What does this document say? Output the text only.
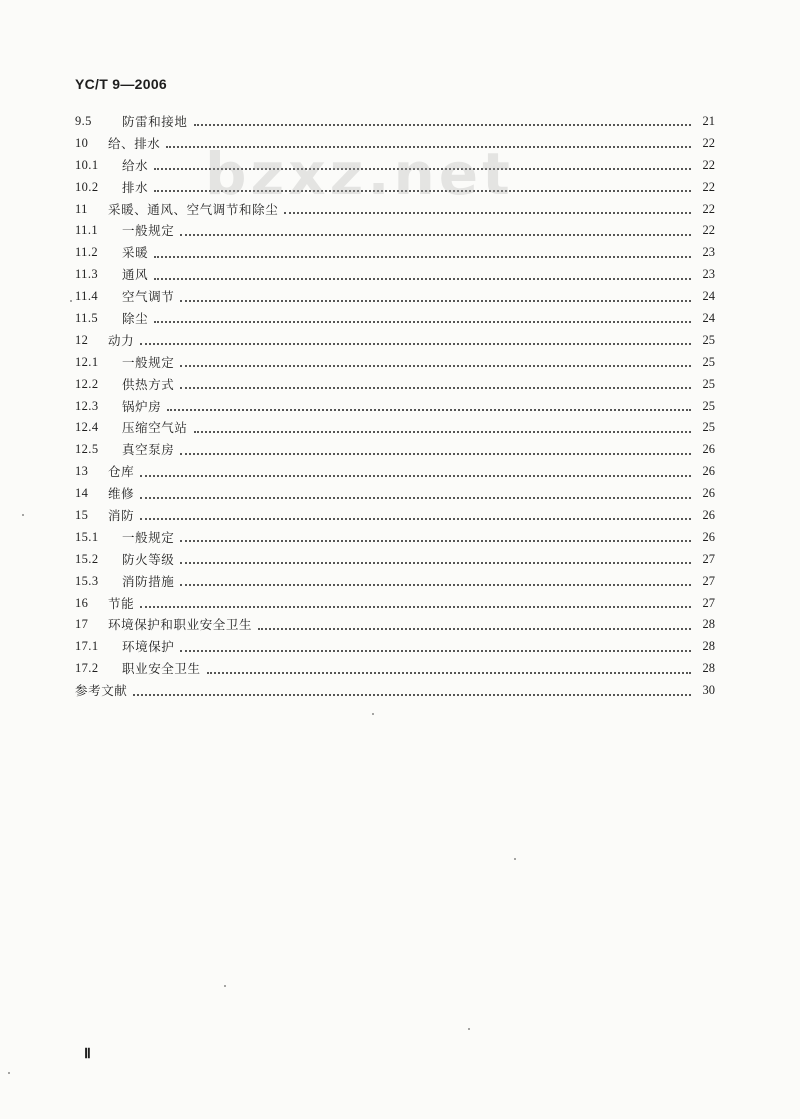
YC/T 9—2006
9.5	防雷和接地	21
10	给、排水	22
10.1	给水	22
10.2	排水	22
11	采暖、通风、空气调节和除尘	22
11.1	一般规定	22
11.2	采暖	23
11.3	通风	23
11.4	空气调节	24
11.5	除尘	24
12	动力	25
12.1	一般规定	25
12.2	供热方式	25
12.3	锅炉房	25
12.4	压缩空气站	25
12.5	真空泵房	26
13	仓库	26
14	维修	26
15	消防	26
15.1	一般规定	26
15.2	防火等级	27
15.3	消防措施	27
16	节能	27
17	环境保护和职业安全卫生	28
17.1	环境保护	28
17.2	职业安全卫生	28
参考文献	30
bzxz.net
Ⅱ
